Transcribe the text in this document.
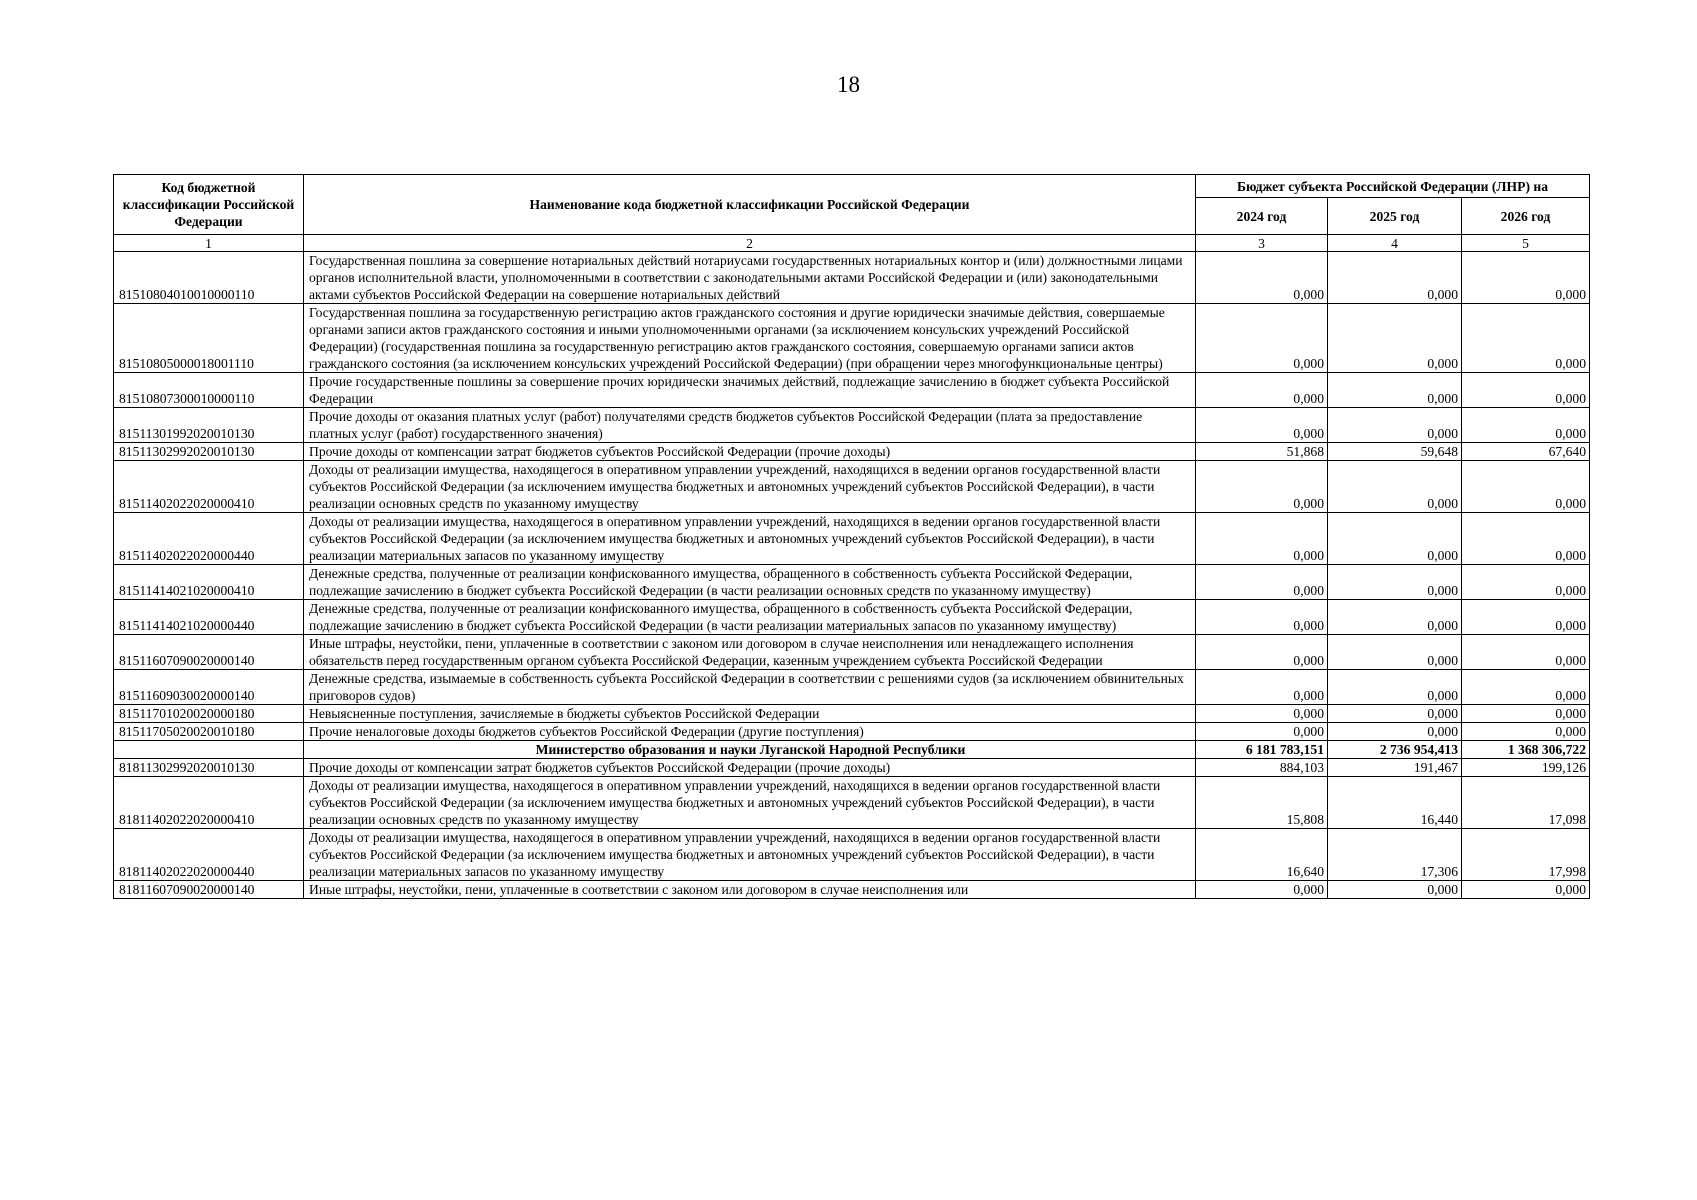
18
Код бюджетной классификации Российской Федерации	Наименование кода бюджетной классификации Российской Федерации	Бюджет субъекта Российской Федерации (ЛНР) на		
		2024 год	2025 год	2026 год
1	2	3	4	5
81510804010010000110	Государственная пошлина за совершение нотариальных действий нотариусами государственных нотариальных контор и (или) должностными лицами органов исполнительной власти, уполномоченными в соответствии с законодательными актами Российской Федерации и (или) законодательными актами субъектов Российской Федерации на совершение нотариальных действий	0,000	0,000	0,000
81510805000018001110	Государственная пошлина за государственную регистрацию актов гражданского состояния и другие юридически значимые действия, совершаемые органами записи актов гражданского состояния и иными уполномоченными органами (за исключением консульских учреждений Российской Федерации) (государственная пошлина за государственную регистрацию актов гражданского состояния, совершаемую органами записи актов гражданского состояния (за исключением консульских учреждений Российской Федерации) (при обращении через многофункциональные центры)	0,000	0,000	0,000
81510807300010000110	Прочие государственные пошлины за совершение прочих юридически значимых действий, подлежащие зачислению в бюджет субъекта Российской Федерации	0,000	0,000	0,000
81511301992020010130	Прочие доходы от оказания платных услуг (работ) получателями средств бюджетов субъектов Российской Федерации (плата за предоставление платных услуг (работ) государственного значения)	0,000	0,000	0,000
81511302992020010130	Прочие доходы от компенсации затрат бюджетов субъектов Российской Федерации (прочие доходы)	51,868	59,648	67,640
81511402022020000410	Доходы от реализации имущества, находящегося в оперативном управлении учреждений, находящихся в ведении органов государственной власти субъектов Российской Федерации (за исключением имущества бюджетных и автономных учреждений субъектов Российской Федерации), в части реализации основных средств по указанному имуществу	0,000	0,000	0,000
81511402022020000440	Доходы от реализации имущества, находящегося в оперативном управлении учреждений, находящихся в ведении органов государственной власти субъектов Российской Федерации (за исключением имущества бюджетных и автономных учреждений субъектов Российской Федерации), в части реализации материальных запасов по указанному имуществу	0,000	0,000	0,000
81511414021020000410	Денежные средства, полученные от реализации конфискованного имущества, обращенного в собственность субъекта Российской Федерации, подлежащие зачислению в бюджет субъекта Российской Федерации (в части реализации основных средств по указанному имуществу)	0,000	0,000	0,000
81511414021020000440	Денежные средства, полученные от реализации конфискованного имущества, обращенного в собственность субъекта Российской Федерации, подлежащие зачислению в бюджет субъекта Российской Федерации (в части реализации материальных запасов по указанному имуществу)	0,000	0,000	0,000
81511607090020000140	Иные штрафы, неустойки, пени, уплаченные в соответствии с законом или договором в случае неисполнения или ненадлежащего исполнения обязательств перед государственным органом субъекта Российской Федерации, казенным учреждением субъекта Российской Федерации	0,000	0,000	0,000
81511609030020000140	Денежные средства, изымаемые в собственность субъекта Российской Федерации в соответствии с решениями судов (за исключением обвинительных приговоров судов)	0,000	0,000	0,000
81511701020020000180	Невыясненные поступления, зачисляемые в бюджеты субъектов Российской Федерации	0,000	0,000	0,000
81511705020020010180	Прочие неналоговые доходы бюджетов субъектов Российской Федерации (другие поступления)	0,000	0,000	0,000
	Министерство образования и науки Луганской Народной Республики	6 181 783,151	2 736 954,413	1 368 306,722
81811302992020010130	Прочие доходы от компенсации затрат бюджетов субъектов Российской Федерации (прочие доходы)	884,103	191,467	199,126
81811402022020000410	Доходы от реализации имущества, находящегося в оперативном управлении учреждений, находящихся в ведении органов государственной власти субъектов Российской Федерации (за исключением имущества бюджетных и автономных учреждений субъектов Российской Федерации), в части реализации основных средств по указанному имуществу	15,808	16,440	17,098
81811402022020000440	Доходы от реализации имущества, находящегося в оперативном управлении учреждений, находящихся в ведении органов государственной власти субъектов Российской Федерации (за исключением имущества бюджетных и автономных учреждений субъектов Российской Федерации), в части реализации материальных запасов по указанному имуществу	16,640	17,306	17,998
81811607090020000140	Иные штрафы, неустойки, пени, уплаченные в соответствии с законом или договором в случае неисполнения или	0,000	0,000	0,000
